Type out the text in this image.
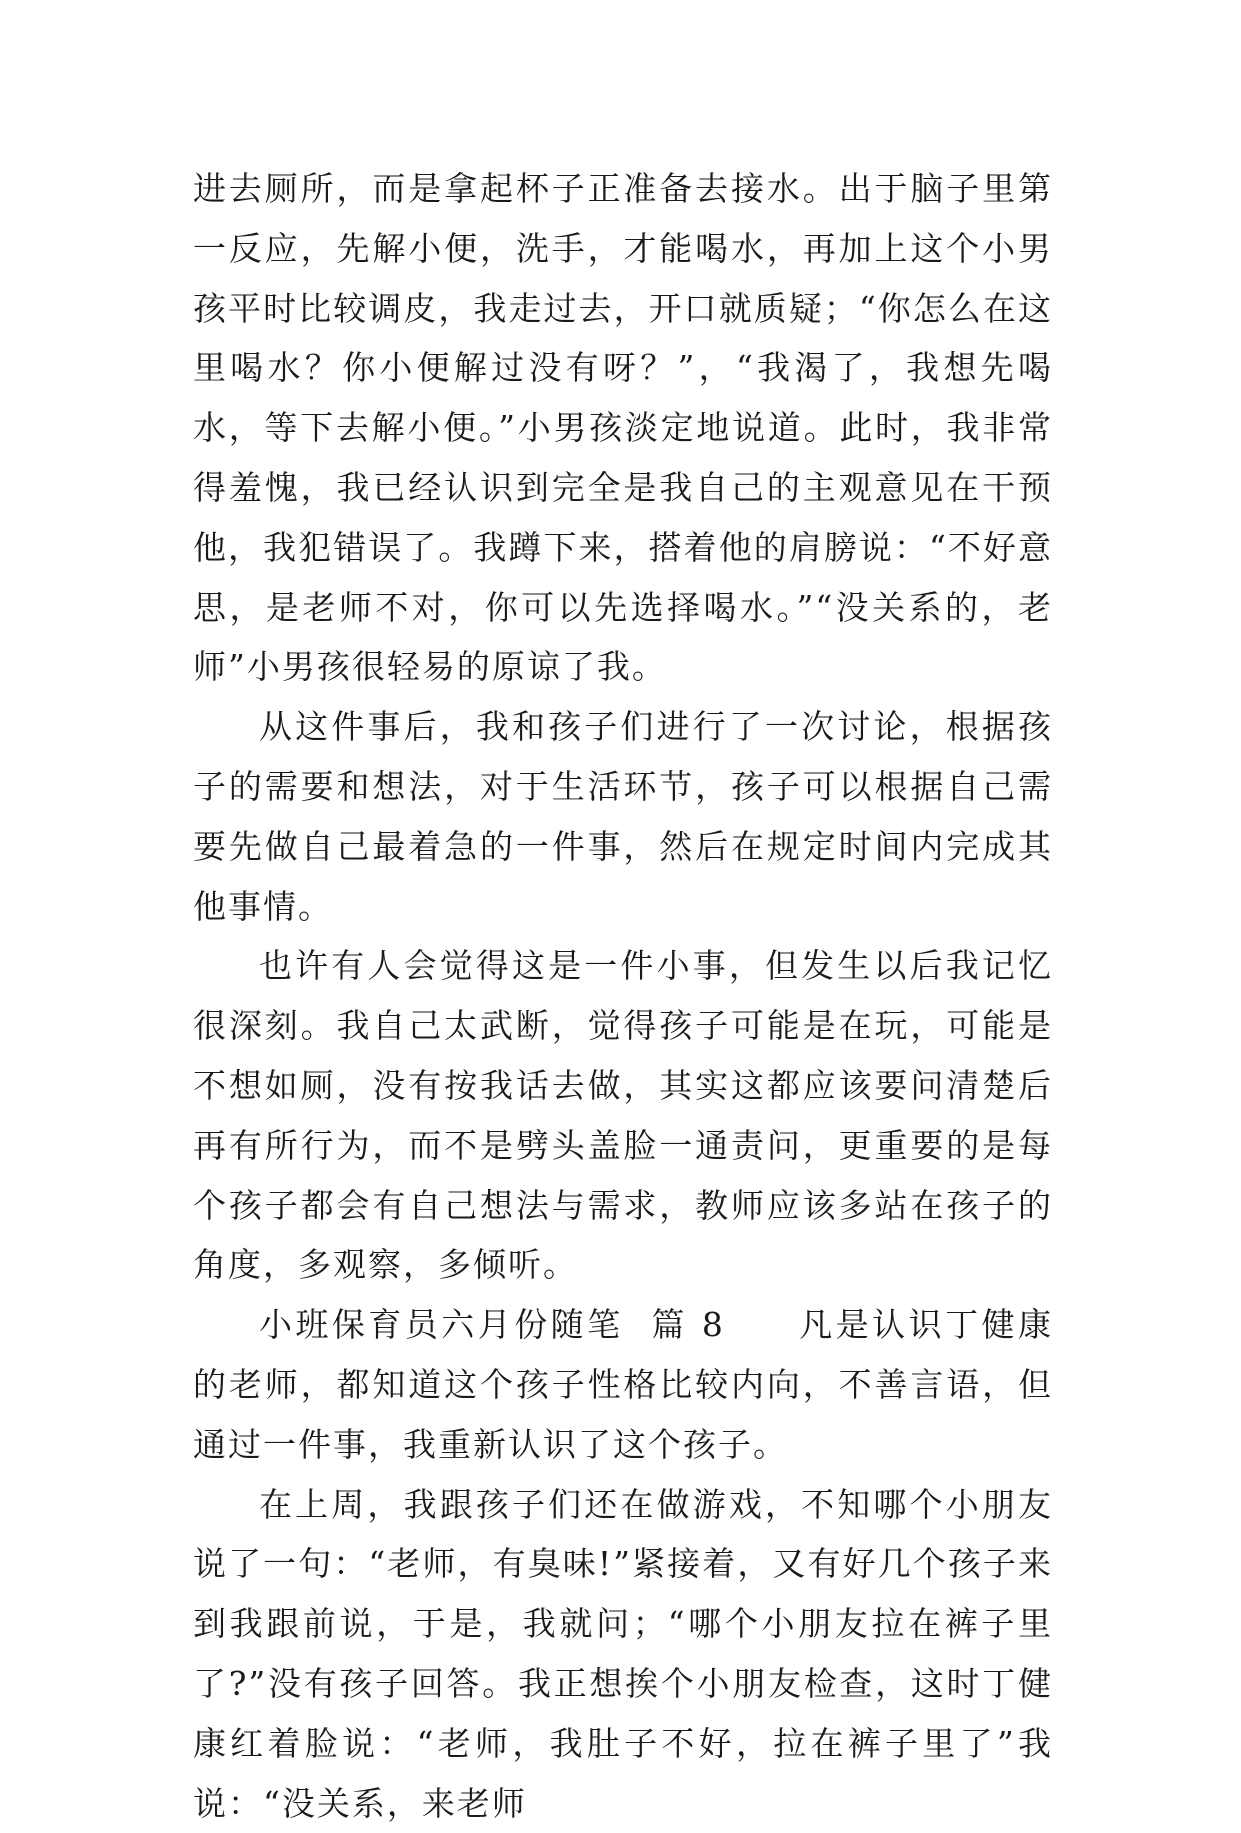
进去厕所，而是拿起杯子正准备去接水。出于脑子里第一反应，先解小便，洗手，才能喝水，再加上这个小男孩平时比较调皮，我走过去，开口就质疑；“你怎么在这里喝水？你小便解过没有呀？”，“我渴了，我想先喝水，等下去解小便。”小男孩淡定地说道。此时，我非常得羞愧，我已经认识到完全是我自己的主观意见在干预他，我犯错误了。我蹲下来，搭着他的肩膀说：“不好意思，是老师不对，你可以先选择喝水。”“没关系的，老师”小男孩很轻易的原谅了我。

从这件事后，我和孩子们进行了一次讨论，根据孩子的需要和想法，对于生活环节，孩子可以根据自己需要先做自己最着急的一件事，然后在规定时间内完成其他事情。

也许有人会觉得这是一件小事，但发生以后我记忆很深刻。我自己太武断，觉得孩子可能是在玩，可能是不想如厕，没有按我话去做，其实这都应该要问清楚后再有所行为，而不是劈头盖脸一通责问，更重要的是每个孩子都会有自己想法与需求，教师应该多站在孩子的角度，多观察，多倾听。

小班保育员六月份随笔  篇 8　　 凡是认识丁健康的老师，都知道这个孩子性格比较内向，不善言语，但通过一件事，我重新认识了这个孩子。

在上周，我跟孩子们还在做游戏，不知哪个小朋友说了一句：“老师，有臭味!”紧接着，又有好几个孩子来到我跟前说，于是，我就问；“哪个小朋友拉在裤子里了?”没有孩子回答。我正想挨个小朋友检查，这时丁健康红着脸说：“老师，我肚子不好，拉在裤子里了”我说：“没关系，来老师
